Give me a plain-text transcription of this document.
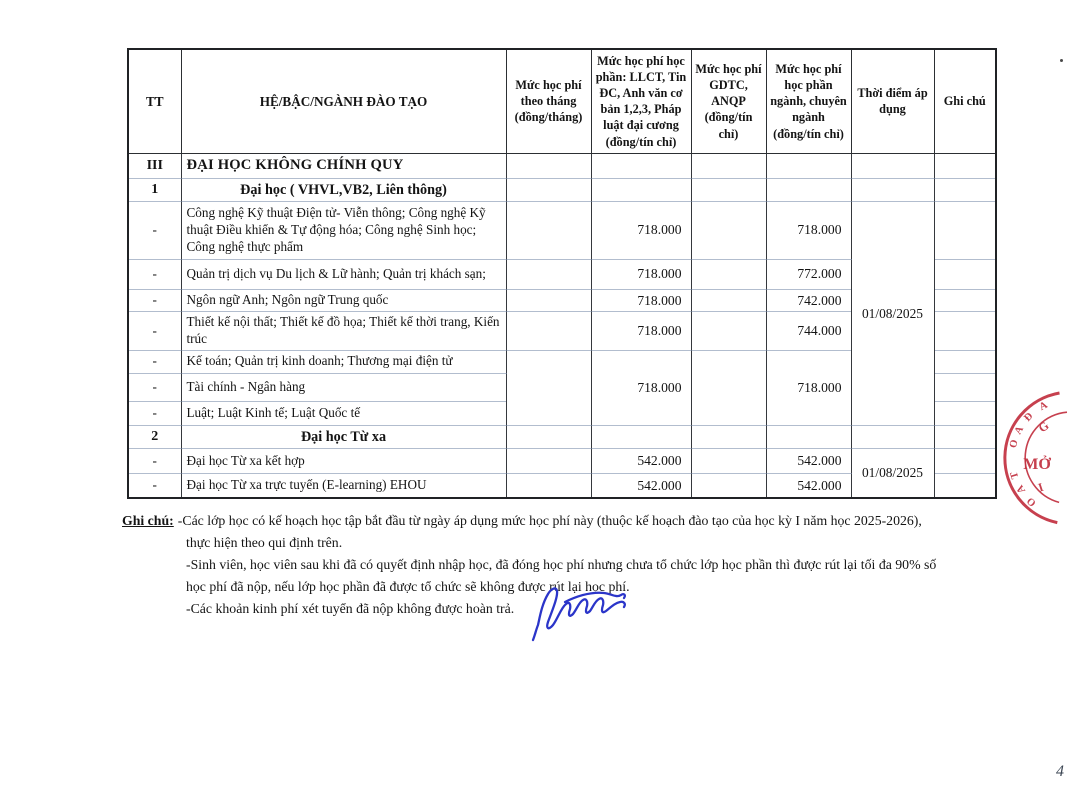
TT	HỆ/BẬC/NGÀNH ĐÀO TẠO	Mức học phí theo tháng (đồng/tháng)	Mức học phí học phần: LLCT, Tin ĐC, Anh văn cơ bản 1,2,3, Pháp luật đại cương (đồng/tín chỉ)	Mức học phí GDTC, ANQP (đồng/tín chỉ)	Mức học phí học phần ngành, chuyên ngành (đồng/tín chỉ)	Thời điểm áp dụng	Ghi chú
III	ĐẠI HỌC KHÔNG CHÍNH QUY						
1	Đại học ( VHVL,VB2, Liên thông)						
-	Công nghệ Kỹ thuật Điện tử- Viễn thông; Công nghệ Kỹ thuật Điều khiển & Tự động hóa; Công nghệ Sinh học; Công nghệ thực phẩm		718.000		718.000	01/08/2025	
-	Quản trị dịch vụ Du lịch & Lữ hành; Quản trị khách sạn;		718.000		772.000		
-	Ngôn ngữ Anh; Ngôn ngữ Trung quốc		718.000		742.000		
-	Thiết kế nội thất; Thiết kế đồ họa; Thiết kế thời trang, Kiến trúc		718.000		744.000		
-	Kế toán; Quản trị kinh doanh; Thương mại điện tử		718.000		718.000		
-	Tài chính - Ngân hàng						
-	Luật; Luật Kinh tế; Luật Quốc tế						
2	Đại học Từ xa						
-	Đại học Từ xa kết hợp		542.000		542.000	01/08/2025	
-	Đại học Từ xa trực tuyến (E-learning) EHOU		542.000		542.000		
Ghi chú: -Các lớp học có kế hoạch học tập bắt đầu từ ngày áp dụng mức học phí này (thuộc kế hoạch đào tạo của học kỳ I năm học 2025-2026),
thực hiện theo qui định trên.
-Sinh viên, học viên sau khi đã có quyết định nhập học, đã đóng học phí nhưng chưa tổ chức lớp học phần thì được rút lại tối đa 90% số
học phí đã nộp, nếu lớp học phần đã được tổ chức sẽ không được rút lại học phí.
-Các khoản kinh phí xét tuyển đã nộp không được hoàn trả.
A
Đ
A
O
T
A
O
G
MỞ
I
4
